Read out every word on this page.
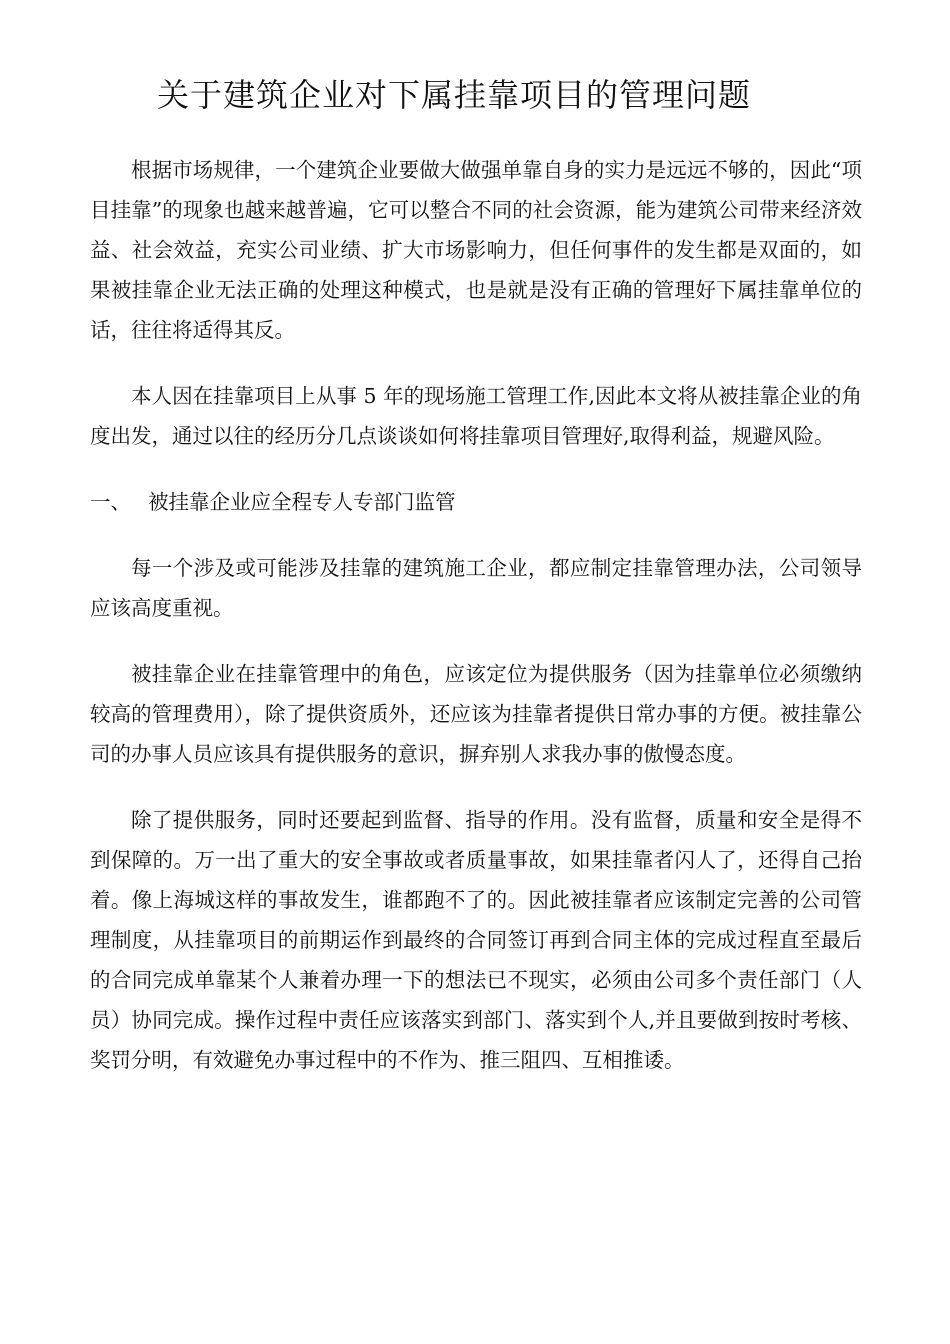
关于建筑企业对下属挂靠项目的管理问题

根据市场规律，一个建筑企业要做大做强单靠自身的实力是远远不够的，因此“项目挂靠”的现象也越来越普遍，它可以整合不同的社会资源，能为建筑公司带来经济效益、社会效益，充实公司业绩、扩大市场影响力，但任何事件的发生都是双面的，如果被挂靠企业无法正确的处理这种模式，也是就是没有正确的管理好下属挂靠单位的话，往往将适得其反。

本人因在挂靠项目上从事 5 年的现场施工管理工作,因此本文将从被挂靠企业的角度出发，通过以往的经历分几点谈谈如何将挂靠项目管理好,取得利益，规避风险。

一、 被挂靠企业应全程专人专部门监管

每一个涉及或可能涉及挂靠的建筑施工企业，都应制定挂靠管理办法，公司领导应该高度重视。

被挂靠企业在挂靠管理中的角色，应该定位为提供服务（因为挂靠单位必须缴纳较高的管理费用），除了提供资质外，还应该为挂靠者提供日常办事的方便。被挂靠公司的办事人员应该具有提供服务的意识，摒弃别人求我办事的傲慢态度。

除了提供服务，同时还要起到监督、指导的作用。没有监督，质量和安全是得不到保障的。万一出了重大的安全事故或者质量事故，如果挂靠者闪人了，还得自己抬着。像上海城这样的事故发生，谁都跑不了的。因此被挂靠者应该制定完善的公司管理制度，从挂靠项目的前期运作到最终的合同签订再到合同主体的完成过程直至最后的合同完成单靠某个人兼着办理一下的想法已不现实，必须由公司多个责任部门（人员）协同完成。操作过程中责任应该落实到部门、落实到个人,并且要做到按时考核、奖罚分明，有效避免办事过程中的不作为、推三阻四、互相推诿。
